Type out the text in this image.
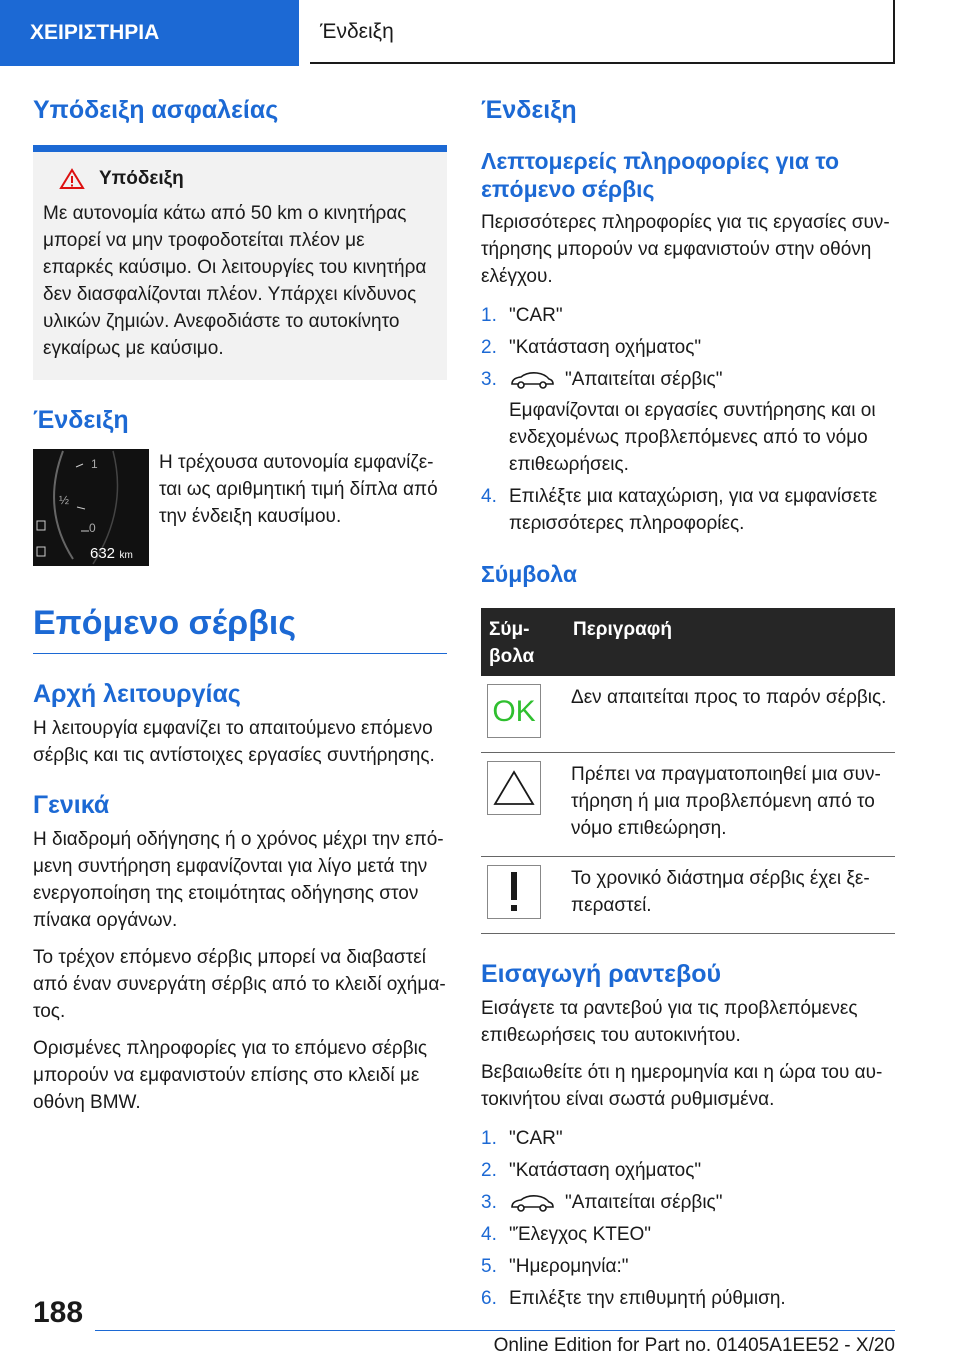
ΧΕΙΡΙΣΤΗΡΙΑ	Ένδειξη
Υπόδειξη ασφαλείας
Υπόδειξη

Με αυτονομία κάτω από 50 km ο κινητήρας μπορεί να μην τροφοδοτείται πλέον με επαρκές καύσιμο. Οι λειτουργίες του κινητήρα δεν διασφαλίζονται πλέον. Υπάρχει κίνδυνος υλικών ζημιών. Ανεφοδιάστε το αυτοκίνητο εγκαίρως με καύσιμο.

Ένδειξη
1
½
0
632 km

Η τρέχουσα αυτονομία εμφανίζεται ως αριθμητική τιμή δίπλα από την ένδειξη καυσίμου.

Επόμενο σέρβις
Αρχή λειτουργίας

Η λειτουργία εμφανίζει το απαιτούμενο επόμενο σέρβις και τις αντίστοιχες εργασίες συντήρησης.

Γενικά

Η διαδρομή οδήγησης ή ο χρόνος μέχρι την επόμενη συντήρηση εμφανίζονται για λίγο μετά την ενεργοποίηση της ετοιμότητας οδήγησης στον πίνακα οργάνων.

Το τρέχον επόμενο σέρβις μπορεί να διαβαστεί από έναν συνεργάτη σέρβις από το κλειδί οχήματος.

Ορισμένες πληροφορίες για το επόμενο σέρβις μπορούν να εμφανιστούν επίσης στο κλειδί με οθόνη BMW.

Ένδειξη
Λεπτομερείς πληροφορίες για το επόμενο σέρβις

Περισσότερες πληροφορίες για τις εργασίες συντήρησης μπορούν να εμφανιστούν στην οθόνη ελέγχου.

1. "CAR"
2. "Κατάσταση οχήματος"
3.	"Απαιτείται σέρβις"
Εμφανίζονται οι εργασίες συντήρησης και οι ενδεχομένως προβλεπόμενες από το νόμο επιθεωρήσεις.
4. Επιλέξτε μια καταχώριση, για να εμφανίσετε περισσότερες πληροφορίες.
Σύμβολα
Σύμβολα	Περιγραφή

OK	Δεν απαιτείται προς το παρόν σέρβις.

	Πρέπει να πραγματοποιηθεί μια συντήρηση ή μια προβλεπόμενη από το νόμο επιθεώρηση.

	Το χρονικό διάστημα σέρβις έχει ξεπεραστεί.
Εισαγωγή ραντεβού

Εισάγετε τα ραντεβού για τις προβλεπόμενες επιθεωρήσεις του αυτοκινήτου.

Βεβαιωθείτε ότι η ημερομηνία και η ώρα του αυτοκινήτου είναι σωστά ρυθμισμένα.

1. "CAR"
2. "Κατάσταση οχήματος"
3.	"Απαιτείται σέρβις"
4. "Έλεγχος ΚΤΕΟ"
5. "Ημερομηνία:"
6. Επιλέξτε την επιθυμητή ρύθμιση.
188
Online Edition for Part no. 01405A1EE52 - X/20
